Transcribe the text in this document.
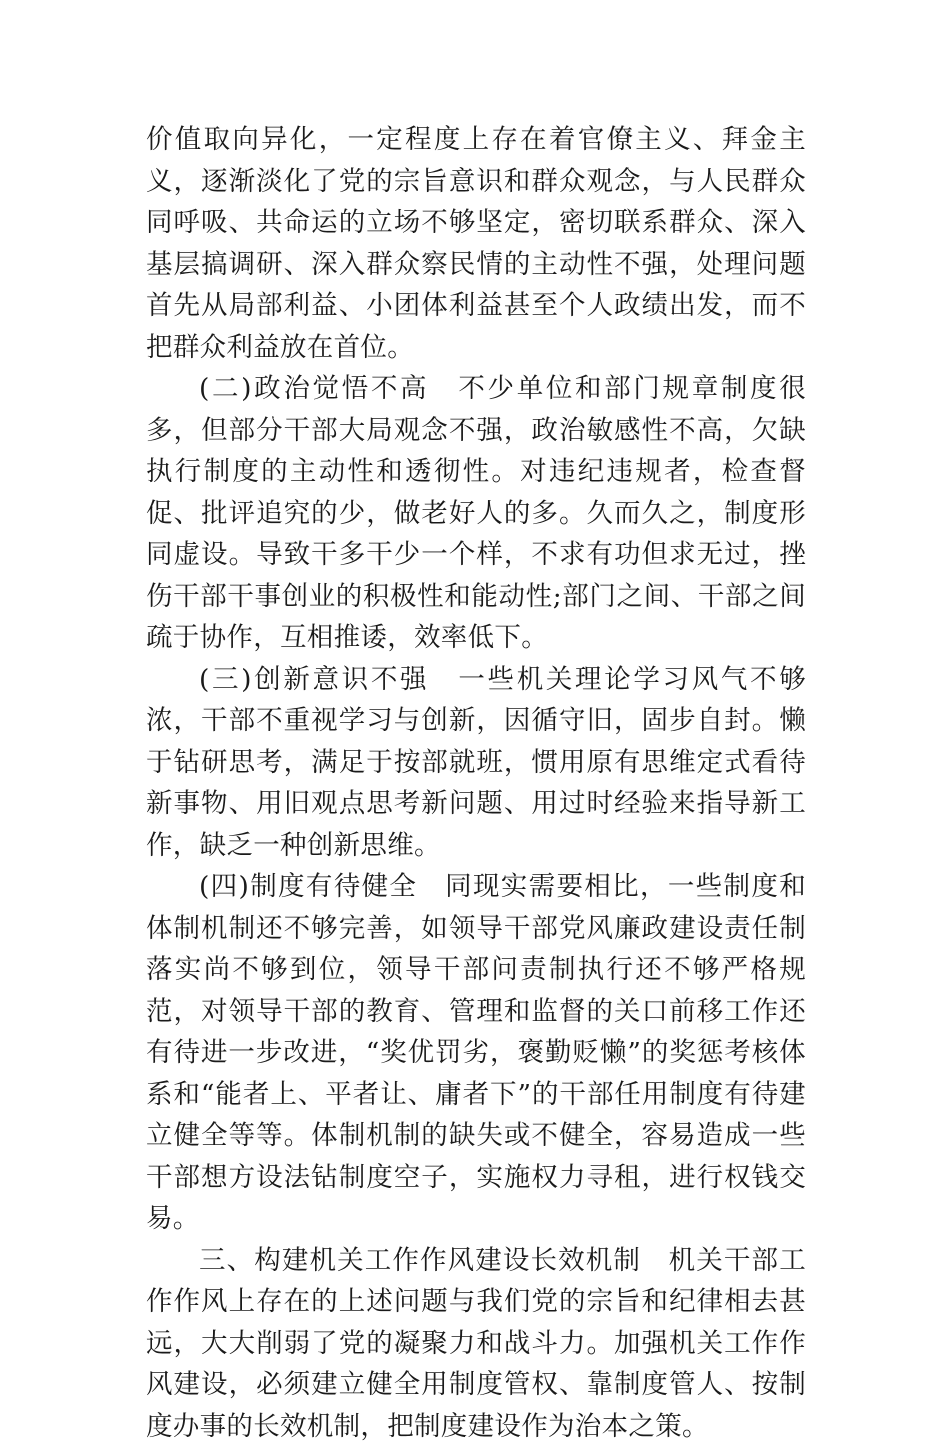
价值取向异化，一定程度上存在着官僚主义、拜金主义，逐渐淡化了党的宗旨意识和群众观念，与人民群众同呼吸、共命运的立场不够坚定，密切联系群众、深入基层搞调研、深入群众察民情的主动性不强，处理问题首先从局部利益、小团体利益甚至个人政绩出发，而不把群众利益放在首位。

(二)政治觉悟不高　不少单位和部门规章制度很多，但部分干部大局观念不强，政治敏感性不高，欠缺执行制度的主动性和透彻性。对违纪违规者，检查督促、批评追究的少，做老好人的多。久而久之，制度形同虚设。导致干多干少一个样，不求有功但求无过，挫伤干部干事创业的积极性和能动性;部门之间、干部之间疏于协作，互相推诿，效率低下。

(三)创新意识不强　一些机关理论学习风气不够浓，干部不重视学习与创新，因循守旧，固步自封。懒于钻研思考，满足于按部就班，惯用原有思维定式看待新事物、用旧观点思考新问题、用过时经验来指导新工作，缺乏一种创新思维。

(四)制度有待健全　同现实需要相比，一些制度和体制机制还不够完善，如领导干部党风廉政建设责任制落实尚不够到位，领导干部问责制执行还不够严格规范，对领导干部的教育、管理和监督的关口前移工作还有待进一步改进，“奖优罚劣，褒勤贬懒”的奖惩考核体系和“能者上、平者让、庸者下”的干部任用制度有待建立健全等等。体制机制的缺失或不健全，容易造成一些干部想方设法钻制度空子，实施权力寻租，进行权钱交易。

三、构建机关工作作风建设长效机制　机关干部工作作风上存在的上述问题与我们党的宗旨和纪律相去甚远，大大削弱了党的凝聚力和战斗力。加强机关工作作风建设，必须建立健全用制度管权、靠制度管人、按制度办事的长效机制，把制度建设作为治本之策。
